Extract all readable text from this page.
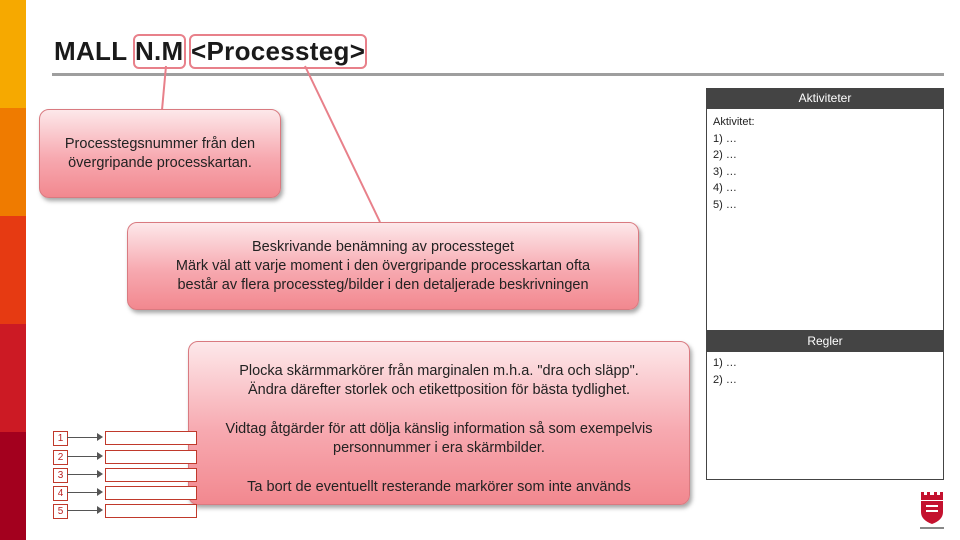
MALL N.M <Processteg>
Processtegsnummer från den övergripande processkartan.
Beskrivande benämning av processteget
Märk väl att varje moment i den övergripande processkartan ofta
består av flera processteg/bilder i den detaljerade beskrivningen
Plocka skärmmarkörer från marginalen m.h.a. "dra och släpp".
Ändra därefter storlek och etikettposition för bästa tydlighet.
Vidtag åtgärder för att dölja känslig information så som exempelvis
personnummer i era skärmbilder.
Ta bort de eventuellt resterande markörer som inte används
Aktiviteter
Aktivitet:
1) …
2) …
3) …
4) …
5) …
Regler
1) …
2) …
1
2
3
4
5
